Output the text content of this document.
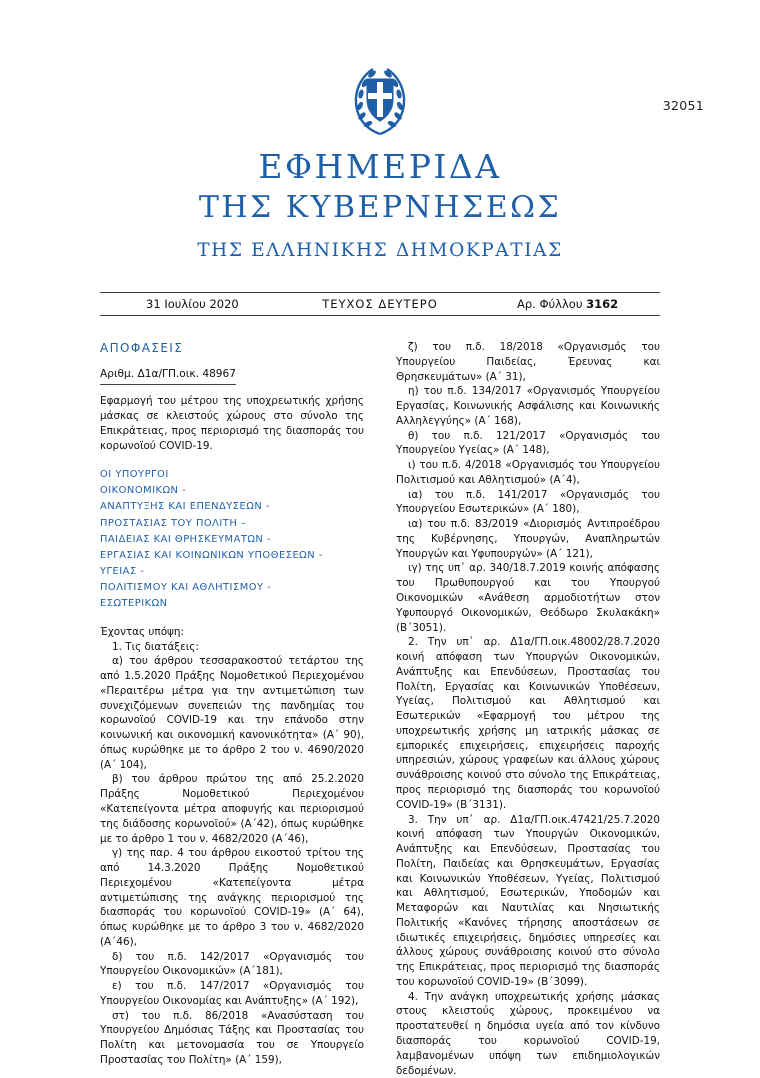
32051
ΕΦΗΜΕΡΙΔΑ
ΤΗΣ ΚΥΒΕΡΝΗΣΕΩΣ
ΤΗΣ ΕΛΛΗΝΙΚΗΣ ΔΗΜΟΚΡΑΤΙΑΣ
31 Ιουλίου 2020	ΤΕΥΧΟΣ ΔΕΥΤΕΡΟ	Αρ. Φύλλου 3162
ΑΠΟΦΑΣΕΙΣ
Αριθμ. Δ1α/ΓΠ.οικ. 48967
Εφαρμογή του μέτρου της υποχρεωτικής χρήσης μάσκας σε κλειστούς χώρους στο σύνολο της Επικράτειας, προς περιορισμό της διασποράς του κορωνοϊού COVID-19.
ΟΙ ΥΠΟΥΡΓΟΙ
ΟΙΚΟΝΟΜΙΚΩΝ -
ΑΝΑΠΤΥΞΗΣ ΚΑΙ ΕΠΕΝΔΥΣΕΩΝ -
ΠΡΟΣΤΑΣΙΑΣ ΤΟΥ ΠΟΛΙΤΗ –
ΠΑΙΔΕΙΑΣ ΚΑΙ ΘΡΗΣΚΕΥΜΑΤΩΝ -
ΕΡΓΑΣΙΑΣ ΚΑΙ ΚΟΙΝΩΝΙΚΩΝ ΥΠΟΘΕΣΕΩΝ -
ΥΓΕΙΑΣ -
ΠΟΛΙΤΙΣΜΟΥ ΚΑΙ ΑΘΛΗΤΙΣΜΟΥ -
ΕΣΩΤΕΡΙΚΩΝ

Έχοντας υπόψη:

1. Τις διατάξεις:

α) του άρθρου τεσσαρακοστού τετάρτου της από 1.5.2020 Πράξης Νομοθετικού Περιεχομένου «Περαιτέρω μέτρα για την αντιμετώπιση των συνεχιζόμενων συνεπειών της πανδημίας του κορωνοϊού COVID-19 και την επάνοδο στην κοινωνική και οικονομική κανονικότητα» (Α΄ 90), όπως κυρώθηκε με το άρθρο 2 του ν. 4690/2020 (Α΄ 104),

β) του άρθρου πρώτου της από 25.2.2020 Πράξης Νομοθετικού Περιεχομένου «Κατεπείγοντα μέτρα αποφυγής και περιορισμού της διάδοσης κορωνοϊού» (Α΄42), όπως κυρώθηκε με το άρθρο 1 του ν. 4682/2020 (Α΄46),

γ) της παρ. 4 του άρθρου εικοστού τρίτου της από 14.3.2020 Πράξης Νομοθετικού Περιεχομένου «Κατεπείγοντα μέτρα αντιμετώπισης της ανάγκης περιορισμού της διασποράς του κορωνοϊού COVID-19» (Α΄ 64), όπως κυρώθηκε με το άρθρο 3 του ν. 4682/2020 (Α΄46),

δ) του π.δ. 142/2017 «Οργανισμός του Υπουργείου Οικονομικών» (Α΄181),

ε) του π.δ. 147/2017 «Οργανισμός του Υπουργείου Οικονομίας και Ανάπτυξης» (Α΄ 192),

στ) του π.δ. 86/2018 «Ανασύσταση του Υπουργείου Δημόσιας Τάξης και Προστασίας του Πολίτη και μετονομασία του σε Υπουργείο Προστασίας του Πολίτη» (Α΄ 159),

ζ) του π.δ. 18/2018 «Οργανισμός του Υπουργείου Παιδείας, Έρευνας και Θρησκευμάτων» (Α΄ 31),

η) του π.δ. 134/2017 «Οργανισμός Υπουργείου Εργασίας, Κοινωνικής Ασφάλισης και Κοινωνικής Αλληλεγγύης» (Α΄ 168),

θ) του π.δ. 121/2017 «Οργανισμός του Υπουργείου Υγείας» (Α΄ 148),

ι) του π.δ. 4/2018 «Οργανισμός του Υπουργείου Πολιτισμού και Αθλητισμού» (Α΄4),

ια) του π.δ. 141/2017 «Οργανισμός του Υπουργείου Εσωτερικών» (Α΄ 180),

ια) του π.δ. 83/2019 «Διορισμός Αντιπροέδρου της Κυβέρνησης, Υπουργών, Αναπληρωτών Υπουργών και Υφυπουργών» (Α΄ 121),

ιγ) της υπ᾽ αρ. 340/18.7.2019 κοινής απόφασης του Πρωθυπουργού και του Υπουργού Οικονομικών «Ανάθεση αρμοδιοτήτων στον Υφυπουργό Οικονομικών, Θεόδωρο Σκυλακάκη» (Β΄3051).

2. Την υπ᾽ αρ. Δ1α/ΓΠ.οικ.48002/28.7.2020 κοινή απόφαση των Υπουργών Οικονομικών, Ανάπτυξης και Επενδύσεων, Προστασίας του Πολίτη, Εργασίας και Κοινωνικών Υποθέσεων, Υγείας, Πολιτισμού και Αθλητισμού και Εσωτερικών «Εφαρμογή του μέτρου της υποχρεωτικής χρήσης μη ιατρικής μάσκας σε εμπορικές επιχειρήσεις, επιχειρήσεις παροχής υπηρεσιών, χώρους γραφείων και άλλους χώρους συνάθροισης κοινού στο σύνολο της Επικράτειας, προς περιορισμό της διασποράς του κορωνοϊού COVID-19» (Β΄3131).

3. Την υπ᾽ αρ. Δ1α/ΓΠ.οικ.47421/25.7.2020 κοινή απόφαση των Υπουργών Οικονομικών, Ανάπτυξης και Επενδύσεων, Προστασίας του Πολίτη, Παιδείας και Θρησκευμάτων, Εργασίας και Κοινωνικών Υποθέσεων, Υγείας, Πολιτισμού και Αθλητισμού, Εσωτερικών, Υποδομών και Μεταφορών και Ναυτιλίας και Νησιωτικής Πολιτικής «Κανόνες τήρησης αποστάσεων σε ιδιωτικές επιχειρήσεις, δημόσιες υπηρεσίες και άλλους χώρους συνάθροισης κοινού στο σύνολο της Επικράτειας, προς περιορισμό της διασποράς του κορωνοϊού COVID-19» (Β΄3099).

4. Την ανάγκη υποχρεωτικής χρήσης μάσκας στους κλειστούς χώρους, προκειμένου να προστατευθεί η δημόσια υγεία από τον κίνδυνο διασποράς του κορωνοϊού COVID-19, λαμβανομένων υπόψη των επιδημιολογικών δεδομένων.
